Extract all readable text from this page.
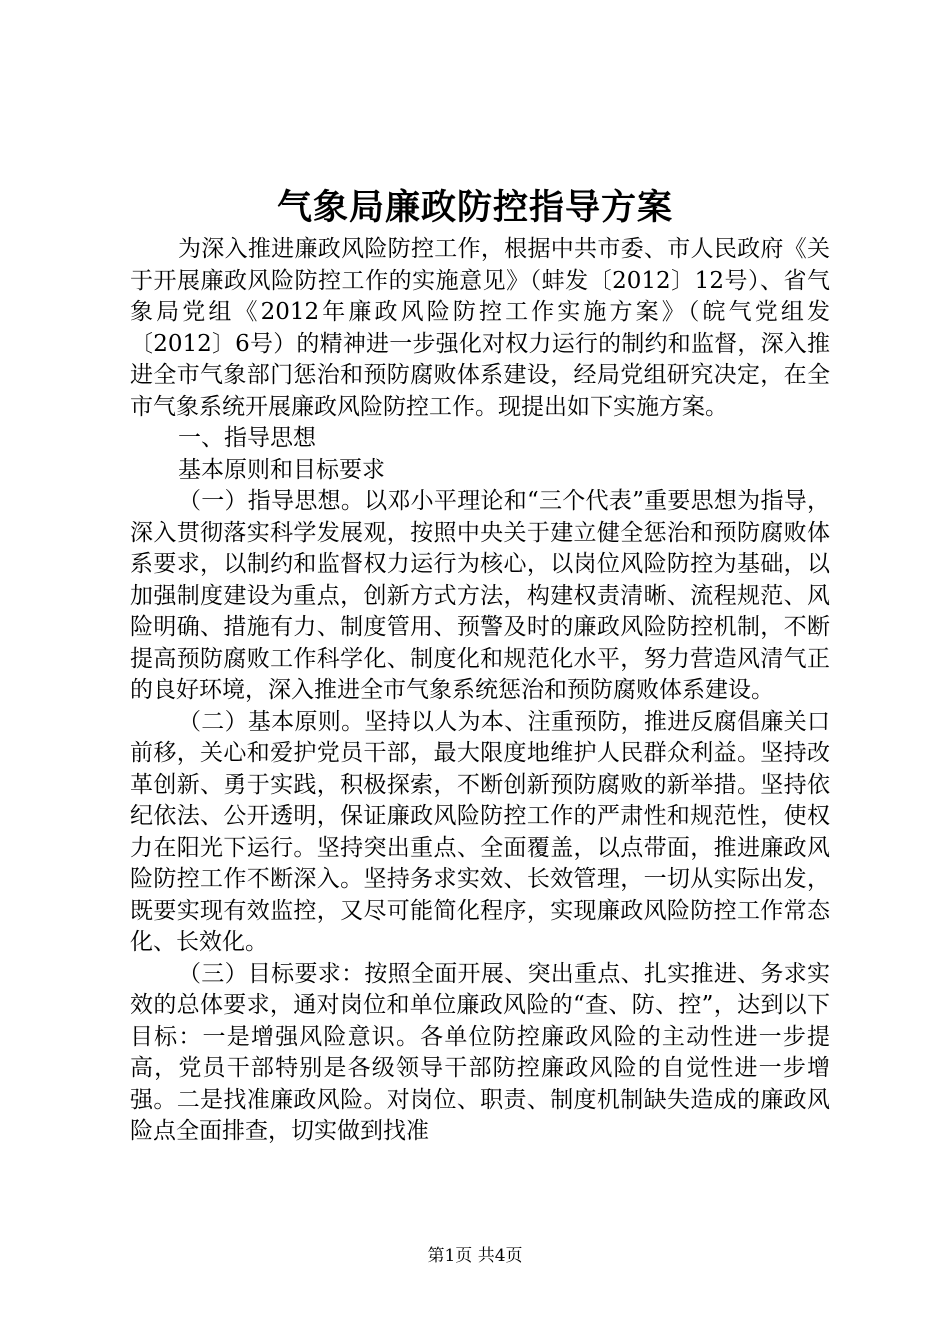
气象局廉政防控指导方案

为深入推进廉政风险防控工作，根据中共市委、市人民政府《关于开展廉政风险防控工作的实施意见》（蚌发〔2012〕12号）、省气象局党组《2012年廉政风险防控工作实施方案》（皖气党组发〔2012〕6号）的精神进一步强化对权力运行的制约和监督，深入推进全市气象部门惩治和预防腐败体系建设，经局党组研究决定，在全市气象系统开展廉政风险防控工作。现提出如下实施方案。

一、指导思想

基本原则和目标要求

（一）指导思想。以邓小平理论和“三个代表”重要思想为指导，深入贯彻落实科学发展观，按照中央关于建立健全惩治和预防腐败体系要求，以制约和监督权力运行为核心，以岗位风险防控为基础，以加强制度建设为重点，创新方式方法，构建权责清晰、流程规范、风险明确、措施有力、制度管用、预警及时的廉政风险防控机制，不断提高预防腐败工作科学化、制度化和规范化水平，努力营造风清气正的良好环境，深入推进全市气象系统惩治和预防腐败体系建设。

（二）基本原则。坚持以人为本、注重预防，推进反腐倡廉关口前移，关心和爱护党员干部，最大限度地维护人民群众利益。坚持改革创新、勇于实践，积极探索，不断创新预防腐败的新举措。坚持依纪依法、公开透明，保证廉政风险防控工作的严肃性和规范性，使权力在阳光下运行。坚持突出重点、全面覆盖，以点带面，推进廉政风险防控工作不断深入。坚持务求实效、长效管理，一切从实际出发，既要实现有效监控，又尽可能简化程序，实现廉政风险防控工作常态化、长效化。

（三）目标要求：按照全面开展、突出重点、扎实推进、务求实效的总体要求，通对岗位和单位廉政风险的“查、防、控”，达到以下目标：一是增强风险意识。各单位防控廉政风险的主动性进一步提高，党员干部特别是各级领导干部防控廉政风险的自觉性进一步增强。二是找准廉政风险。对岗位、职责、制度机制缺失造成的廉政风险点全面排查，切实做到找准

第1页 共4页
